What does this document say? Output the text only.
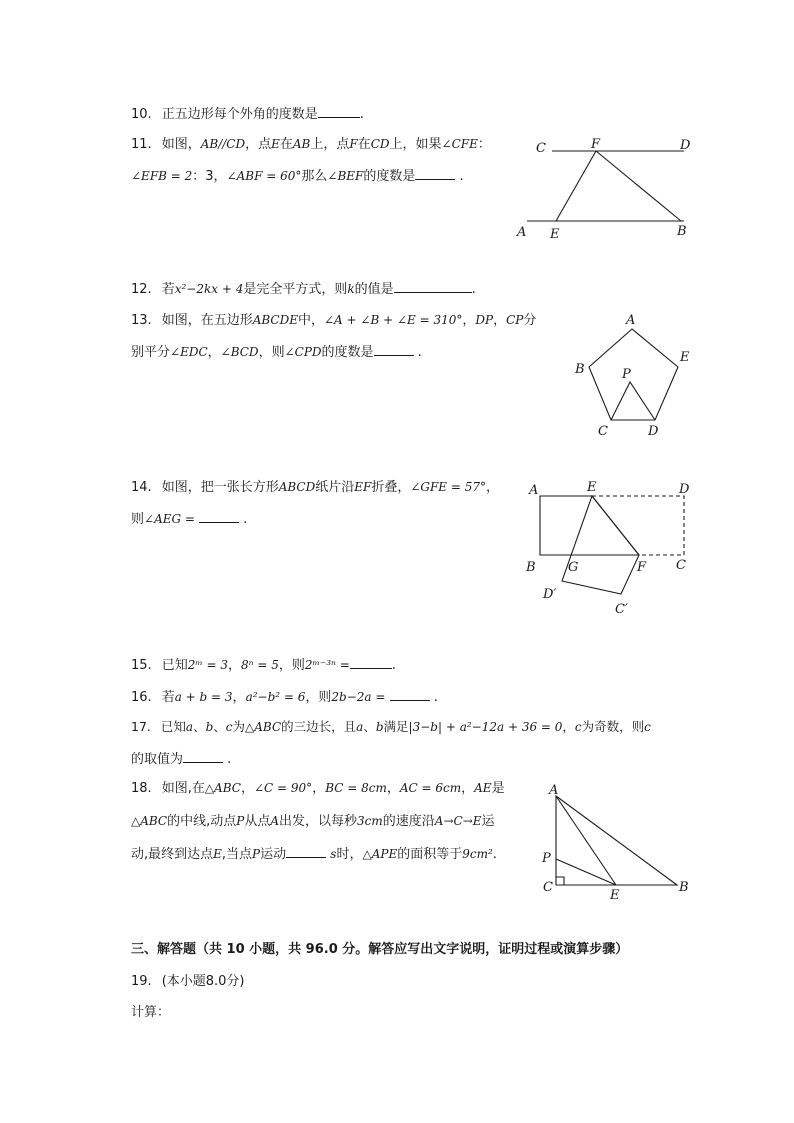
10. 正五边形每个外角的度数是	.
11. 如图，AB//CD，点E在AB上，点F在CD上，如果∠CFE：
∠EFB = 2：3，∠ABF = 60°那么∠BEF的度数是	.
C	F	D
A E	B
12. 若x²−2kx + 4是完全平方式，则k的值是	.
13. 如图，在五边形ABCDE中，∠A + ∠B + ∠E = 310°，DP，CP分
别平分∠EDC，∠BCD，则∠CPD的度数是	.
A
B
E
P
C	D
14. 如图，把一张长方形ABCD纸片沿EF折叠，∠GFE = 57°，
则∠AEG =	.
A	E	D
B G	F C
D′
C′
15. 已知2ᵐ = 3，8ⁿ = 5，则2ᵐ⁻³ⁿ =	.
16. 若a + b = 3，a²−b² = 6，则2b−2a =	.
17. 已知a、b、c为△ABC的三边长，且a、b满足|3−b| + a²−12a + 36 = 0，c为奇数，则c
的取值为	.
18. 如图,在△ABC，∠C = 90°，BC = 8cm，AC = 6cm，AE是
△ABC的中线,动点P从点A出发，以每秒3cm的速度沿A→C→E运
动,最终到达点E,当点P运动	s时，△APE的面积等于9cm².
A
P
C
E
B
三、解答题（共 10 小题，共 96.0 分。解答应写出文字说明，证明过程或演算步骤）
19. (本小题8.0分)
计算：
